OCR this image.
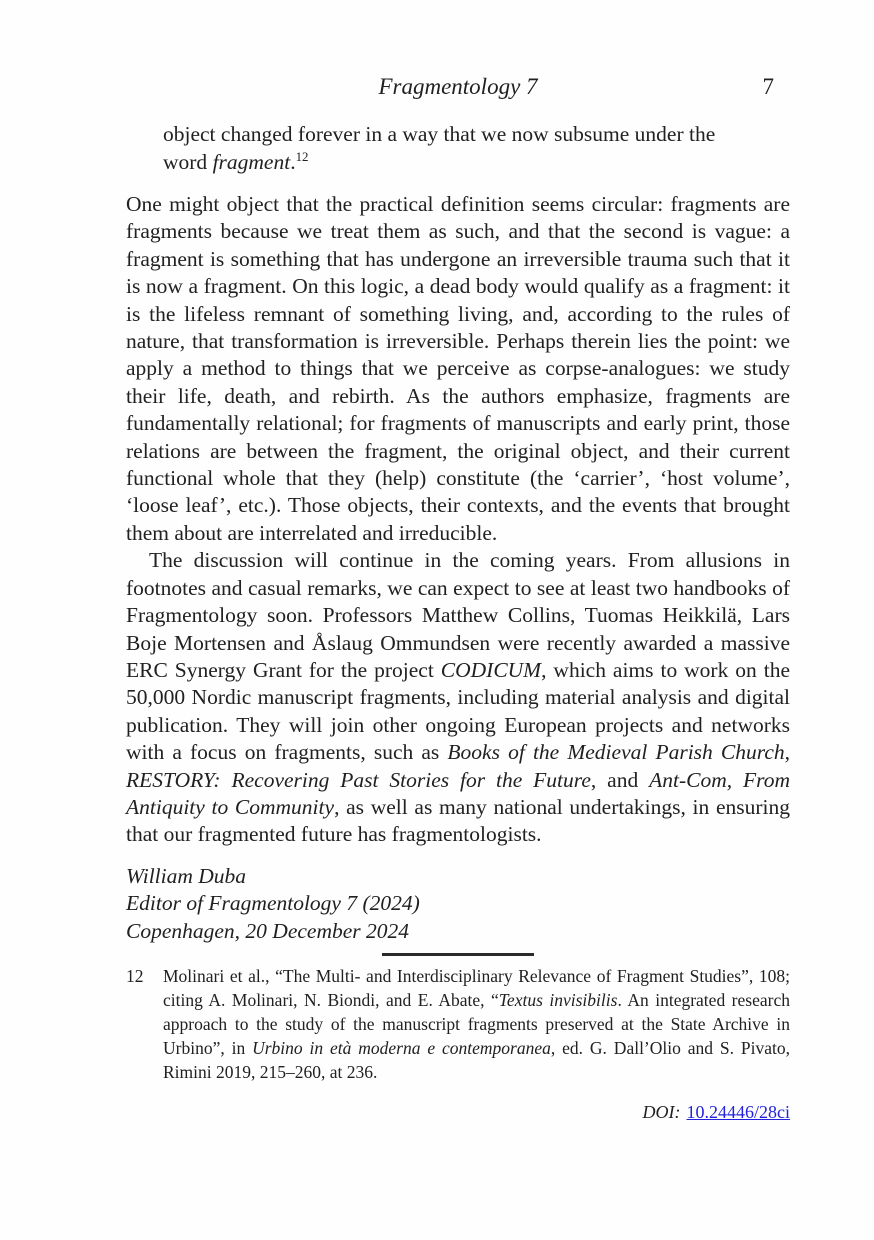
Fragmentology 7	7
object changed forever in a way that we now subsume under the word fragment.$^{12}$

One might object that the practical definition seems circular: fragments are fragments because we treat them as such, and that the second is vague: a fragment is something that has undergone an irreversible trauma such that it is now a fragment. On this logic, a dead body would qualify as a fragment: it is the lifeless remnant of something living, and, according to the rules of nature, that transformation is irreversible. Perhaps therein lies the point: we apply a method to things that we perceive as corpse-analogues: we study their life, death, and rebirth. As the authors emphasize, fragments are fundamentally relational; for fragments of manuscripts and early print, those relations are between the fragment, the original object, and their current functional whole that they (help) constitute (the ‘carrier’, ‘host volume’, ‘loose leaf’, etc.). Those objects, their contexts, and the events that brought them about are interrelated and irreducible.

The discussion will continue in the coming years. From allusions in footnotes and casual remarks, we can expect to see at least two handbooks of Fragmentology soon. Professors Matthew Collins, Tuomas Heikkilä, Lars Boje Mortensen and Åslaug Ommundsen were recently awarded a massive ERC Synergy Grant for the project CODICUM, which aims to work on the 50,000 Nordic manuscript fragments, including material analysis and digital publication. They will join other ongoing European projects and networks with a focus on fragments, such as Books of the Medieval Parish Church, RESTORY: Recovering Past Stories for the Future, and Ant-Com, From Antiquity to Community, as well as many national undertakings, in ensuring that our fragmented future has fragmentologists.

William Duba
Editor of Fragmentology 7 (2024)
Copenhagen, 20 December 2024
12	Molinari et al., “The Multi- and Interdisciplinary Relevance of Fragment Studies”, 108; citing A. Molinari, N. Biondi, and E. Abate, “Textus invisibilis. An integrated research approach to the study of the manuscript fragments preserved at the State Archive in Urbino”, in Urbino in età moderna e contemporanea, ed. G. Dall’Olio and S. Pivato, Rimini 2019, 215–260, at 236.
DOI: 10.24446/28ci
